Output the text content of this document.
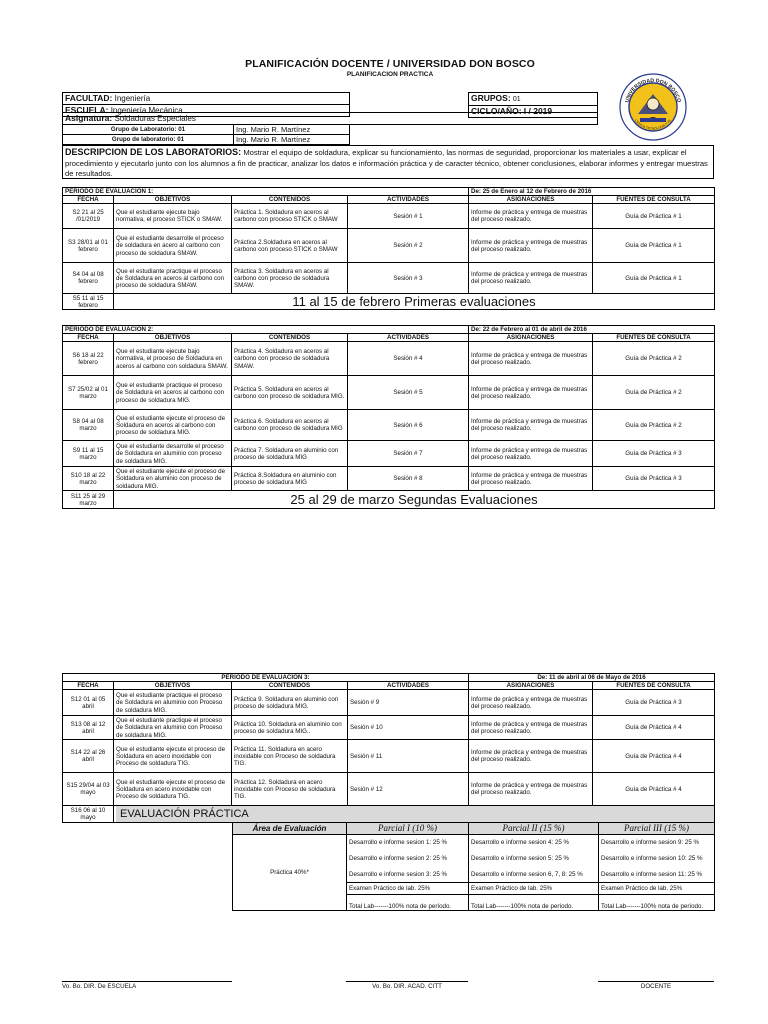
PLANIFICACIÓN DOCENTE / UNIVERSIDAD DON BOSCO
PLANIFICACION PRACTICA
FACULTAD: Ingeniería
ESCUELA: Ingeniería Mecánica
Asignatura: Soldaduras Especiales
GRUPOS: 01
CICLO/AÑO: I / 2019
Grupo de Laboratorio: 01	Ing. Mario R. Martínez
Grupo de laboratorio: 01	Ing. Mario R. Martínez
UNIVERSIDAD DON BOSCO
CIENCIA TECNOLOGÍA Y FE
DESCRIPCION DE LOS LABORATORIOS: Mostrar el equipo de soldadura, explicar su funcionamiento, las normas de seguridad, proporcionar los materiales a usar, explicar el procedimiento y ejecutarlo junto con los alumnos a fin de practicar, analizar los datos e información práctica y de caracter técnico, obtener conclusiones, elaborar informes y entregar muestras de resultados.
PERIODO DE EVALUACION 1:				De: 25 de Enero al 12 de Febrero de 2016	
FECHA	OBJETIVOS	CONTENIDOS	ACTIVIDADES	ASIGNACIONES	FUENTES DE CONSULTA
S2 21 al 25 /01/2019	Que el estudiante ejecute bajo normativa, el proceso STICK o SMAW.	Práctica 1. Soldadura en aceros al carbono con proceso STICK o SMAW	Sesión # 1	Informe de práctica y entrega de muestras del proceso realizado.	Guía de Práctica # 1
S3 28/01 al 01 febrero	Que el estudiante desarrolle el proceso de soldadura en acero al carbono con proceso de soldadura SMAW.	Práctica 2.Soldadura en aceros al carbono con proceso STICK o SMAW	Sesión # 2	Informe de práctica y entrega de muestras del proceso realizado.	Guía de Práctica # 1
S4 04 al 08 febrero	Que el estudiante practique el proceso de Soldadura en aceros al carbono con proceso de soldadura SMAW.	Práctica 3. Soldadura en aceros al carbono con proceso de soldadura SMAW.	Sesión # 3	Informe de práctica y entrega de muestras del proceso realizado.	Guía de Práctica # 1
S5 11 al 15 febrero	11 al 15 de febrero Primeras evaluaciones				
PERIODO DE EVALUACION 2:				De: 22 de Febrero al 01 de abril de 2016	
FECHA	OBJETIVOS	CONTENIDOS	ACTIVIDADES	ASIGNACIONES	FUENTES DE CONSULTA
S6 18 al 22 febrero	Que el estudiante ejecute bajo normativa, el proceso de Soldadura en aceros al carbono con soldadura SMAW.	Práctica 4. Soldadura en aceros al carbono con proceso de soldadura SMAW.	Sesión # 4	Informe de práctica y entrega de muestras del proceso realizado.	Guía de Práctica # 2
S7 25/02 al 01 marzo	Que el estudiante practique el proceso de Soldadura en aceros al carbono con proceso de soldadura MIG.	Práctica 5. Soldadura en aceros al carbono con proceso de soldadura MIG.	Sesión # 5	Informe de práctica y entrega de muestras del proceso realizado.	Guía de Práctica # 2
S8 04 al 08 marzo	Que el estudiante ejecute el proceso de Soldadura en aceros al carbono con proceso de soldadura MIG.	Práctica 6. Soldadura en aceros al carbono con proceso de soldadura MIG	Sesión # 6	Informe de práctica y entrega de muestras del proceso realizado.	Guía de Práctica # 2
S9 11 al 15 marzo	Que el estudiante desarrolle el proceso de Soldadura en aluminio con proceso de soldadura MIG.	Práctica 7. Soldadura en aluminio con proceso de soldadura MIG	Sesión # 7	Informe de práctica y entrega de muestras del proceso realizado.	Guía de Práctica # 3
S10 18 al 22 marzo	Que el estudiante ejecute el proceso de Soldadura en aluminio con proceso de soldadura MIG.	Práctica 8.Soldadura en aluminio con proceso de soldadura MIG	Sesión # 8	Informe de práctica y entrega de muestras del proceso realizado.	Guía de Práctica # 3
S11 25 al 29 marzo	25 al 29 de marzo Segundas Evaluaciones				
PERIODO DE EVALUACION 3:				De: 11 de abril al 06 de Mayo de 2016	
FECHA	OBJETIVOS	CONTENIDOS	ACTIVIDADES	ASIGNACIONES	FUENTES DE CONSULTA
S12 01 al 05 abril	Que el estudiante practique el proceso de Soldadura en aluminio con Proceso de soldadura MIG.	Práctica 9. Soldadura en aluminio con proceso de soldadura MIG.	Sesión # 9	Informe de práctica y entrega de muestras del proceso realizado.	Guía de Práctica # 3
S13 08 al 12 abril	Que el estudiante practique el proceso de Soldadura en aluminio con Proceso de soldadura MIG.	Práctica 10. Soldadura en aluminio con proceso de soldadura MIG..	Sesión # 10	Informe de práctica y entrega de muestras del proceso realizado.	Guía de Práctica # 4
S14 22 al 26 abril	Que el estudiante ejecute el proceso de Soldadura en acero inoxidable con Proceso de soldadura TIG.	Práctica 11. Soldadura en acero inoxidable con Proceso de soldadura TIG.	Sesión # 11	Informe de práctica y entrega de muestras del proceso realizado.	Guía de Práctica # 4
S15 29/04 al 03 mayo	Que el estudiante ejecute el proceso de Soldadura en acero inoxidable con Proceso de soldadura TIG.	Práctica 12. Soldadura en acero inoxidable con Proceso de soldadura TIG.	Sesión # 12	Informe de práctica y entrega de muestras del proceso realizado.	Guía de Práctica # 4
S16 06 al 10 mayo		EVALUACIÓN PRÁCTICA
Área de Evaluación	Parcial I (10 %)	Parcial II (15 %)	Parcial III (15 %)
Práctica 40%*	Desarrollo e informe sesion 1: 25 %	Desarrollo e informe sesion 4: 25 %	Desarrollo e informe sesion 9: 25 %
	Desarrollo e informe sesion 2: 25 %	Desarrollo e informe sesion 5: 25 %	Desarrollo e informe sesion 10: 25 %
	Desarrollo e informe sesion 3: 25 %	Desarrollo e informe sesion 6, 7, 8: 25 %	Desarrollo e informe sesion 11: 25 %
	Examen Práctico de lab. 25%	Examen Práctico de lab. 25%	Examen Práctico de lab. 25%
	Total Lab-------100% nota de período.	Total Lab-------100% nota de período.	Total Lab-------100% nota de período.
Vo. Bo. DIR. De ESCUELA	Vo. Bo. DIR. ACAD. CITT	DOCENTE
